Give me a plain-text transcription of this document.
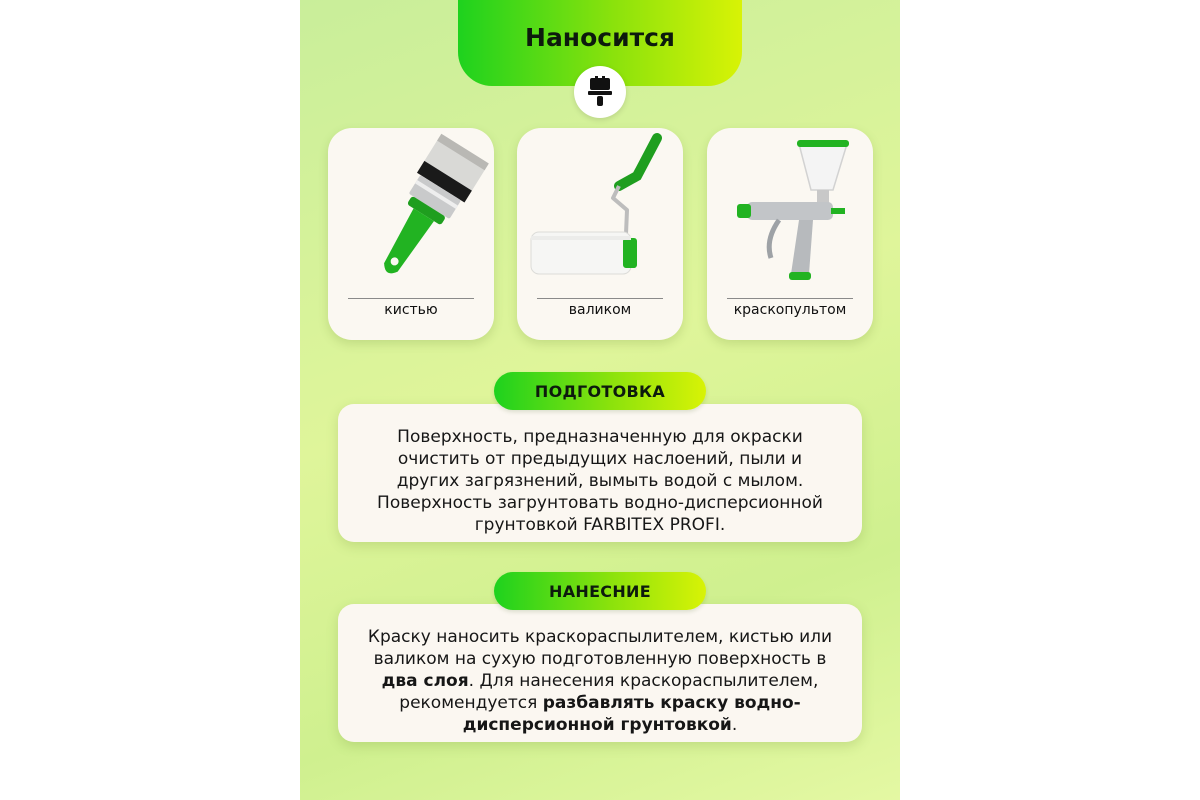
Наносится
кистью	валиком	краскопультом
ПОДГОТОВКА

Поверхность, предназначенную для окраски
очистить от предыдущих наслоений, пыли и
других загрязнений, вымыть водой с мылом.
Поверхность загрунтовать водно-дисперсионной
грунтовкой FARBITEX PROFI.

НАНЕСНИЕ

Краску наносить краскораспылителем, кистью или
валиком на сухую подготовленную поверхность в
два слоя. Для нанесения краскораспылителем,
рекомендуется разбавлять краску водно-
дисперсионной грунтовкой.
